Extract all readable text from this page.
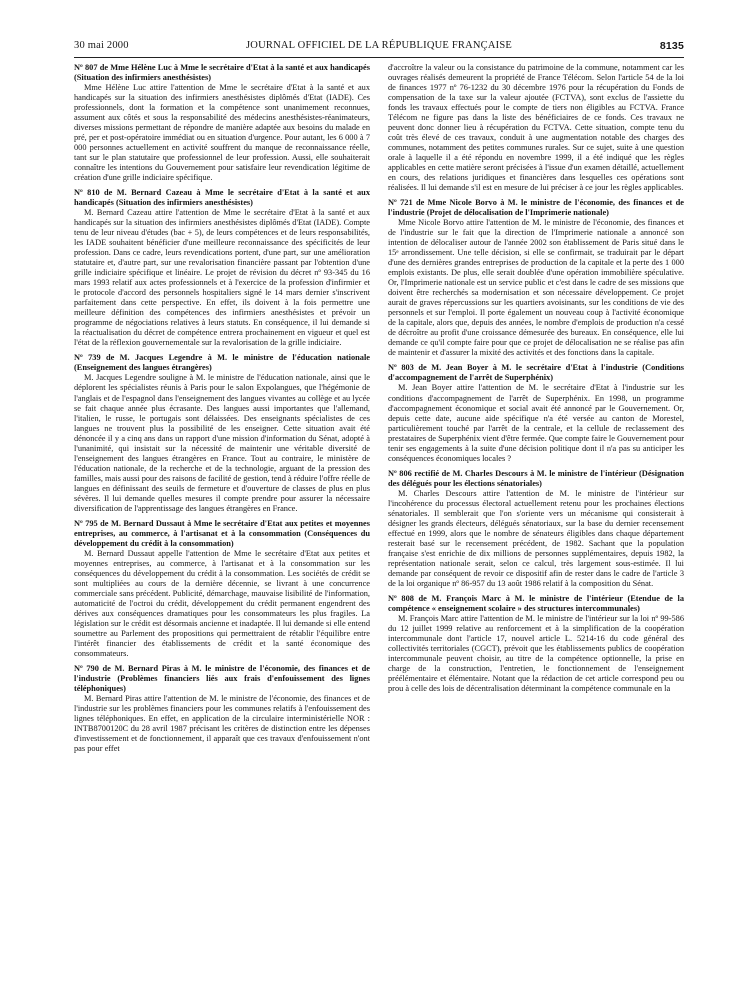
30 mai 2000	JOURNAL OFFICIEL DE LA RÉPUBLIQUE FRANÇAISE	8135

Nº 807 de Mme Hélène Luc à Mme le secrétaire d'Etat à la santé et aux handicapés (Situation des infirmiers anesthésistes)

Mme Hélène Luc attire l'attention de Mme le secrétaire d'Etat à la santé et aux handicapés sur la situation des infirmiers anesthésistes diplômés d'Etat (IADE). Ces professionnels, dont la formation et la compétence sont unanimement reconnues, assument aux côtés et sous la responsabilité des médecins anesthésistes-réanimateurs, diverses missions permettant de répondre de manière adaptée aux besoins du malade en pré, per et post-opératoire immédiat ou en situation d'urgence. Pour autant, les 6 000 à 7 000 personnes actuellement en activité souffrent du manque de reconnaissance réelle, tant sur le plan statutaire que professionnel de leur profession. Aussi, elle souhaiterait connaître les intentions du Gouvernement pour satisfaire leur revendication légitime de création d'une grille indiciaire spécifique.

Nº 810 de M. Bernard Cazeau à Mme le secrétaire d'Etat à la santé et aux handicapés (Situation des infirmiers anesthésistes)

M. Bernard Cazeau attire l'attention de Mme le secrétaire d'Etat à la santé et aux handicapés sur la situation des infirmiers anesthésistes diplômés d'Etat (IADE). Compte tenu de leur niveau d'études (bac + 5), de leurs compétences et de leurs responsabilités, les IADE souhaitent bénéficier d'une meilleure reconnaissance des spécificités de leur profession. Dans ce cadre, leurs revendications portent, d'une part, sur une amélioration statutaire et, d'autre part, sur une revalorisation financière passant par l'obtention d'une grille indiciaire spécifique et linéaire. Le projet de révision du décret nº 93-345 du 16 mars 1993 relatif aux actes professionnels et à l'exercice de la profession d'infirmier et le protocole d'accord des personnels hospitaliers signé le 14 mars dernier s'inscrivent parfaitement dans cette perspective. En effet, ils doivent à la fois permettre une meilleure définition des compétences des infirmiers anesthésistes et prévoir un programme de négociations relatives à leurs statuts. En conséquence, il lui demande si la réactualisation du décret de compétence entrera prochainement en vigueur et quel est l'état de la réflexion gouvernementale sur la revalorisation de la grille indiciaire.

Nº 739 de M. Jacques Legendre à M. le ministre de l'éducation nationale (Enseignement des langues étrangères)

M. Jacques Legendre souligne à M. le ministre de l'éducation nationale, ainsi que le déplorent les spécialistes réunis à Paris pour le salon Expolangues, que l'hégémonie de l'anglais et de l'espagnol dans l'enseignement des langues vivantes au collège et au lycée se fait chaque année plus écrasante. Des langues aussi importantes que l'allemand, l'italien, le russe, le portugais sont délaissées. Des enseignants spécialistes de ces langues ne trouvent plus la possibilité de les enseigner. Cette situation avait été dénoncée il y a cinq ans dans un rapport d'une mission d'information du Sénat, adopté à l'unanimité, qui insistait sur la nécessité de maintenir une véritable diversité de l'enseignement des langues étrangères en France. Tout au contraire, le ministère de l'éducation nationale, de la recherche et de la technologie, arguant de la pression des familles, mais aussi pour des raisons de facilité de gestion, tend à réduire l'offre réelle de langues en définissant des seuils de fermeture et d'ouverture de classes de plus en plus sévères. Il lui demande quelles mesures il compte prendre pour assurer la nécessaire diversification de l'apprentissage des langues étrangères en France.

Nº 795 de M. Bernard Dussaut à Mme le secrétaire d'Etat aux petites et moyennes entreprises, au commerce, à l'artisanat et à la consommation (Conséquences du développement du crédit à la consommation)

M. Bernard Dussaut appelle l'attention de Mme le secrétaire d'Etat aux petites et moyennes entreprises, au commerce, à l'artisanat et à la consommation sur les conséquences du développement du crédit à la consommation. Les sociétés de crédit se sont multipliées au cours de la dernière décennie, se livrant à une concurrence commerciale sans précédent. Publicité, démarchage, mauvaise lisibilité de l'information, automaticité de l'octroi du crédit, développement du crédit permanent engendrent des dérives aux conséquences dramatiques pour les consommateurs les plus fragiles. La législation sur le crédit est désormais ancienne et inadaptée. Il lui demande si elle entend soumettre au Parlement des propositions qui permettraient de rétablir l'équilibre entre l'intérêt financier des établissements de crédit et la santé économique des consommateurs.

Nº 790 de M. Bernard Piras à M. le ministre de l'économie, des finances et de l'industrie (Problèmes financiers liés aux frais d'enfouissement des lignes téléphoniques)

M. Bernard Piras attire l'attention de M. le ministre de l'économie, des finances et de l'industrie sur les problèmes financiers pour les communes relatifs à l'enfouissement des lignes téléphoniques. En effet, en application de la circulaire interministérielle NOR : INTB8700120C du 28 avril 1987 précisant les critères de distinction entre les dépenses d'investissement et de fonctionnement, il apparaît que ces travaux d'enfouissement n'ont pas pour effet

d'accroître la valeur ou la consistance du patrimoine de la commune, notamment car les ouvrages réalisés demeurent la propriété de France Télécom. Selon l'article 54 de la loi de finances 1977 nº 76-1232 du 30 décembre 1976 pour la récupération du Fonds de compensation de la taxe sur la valeur ajoutée (FCTVA), sont exclus de l'assiette du fonds les travaux effectués pour le compte de tiers non éligibles au FCTVA. France Télécom ne figure pas dans la liste des bénéficiaires de ce fonds. Ces travaux ne peuvent donc donner lieu à récupération du FCTVA. Cette situation, compte tenu du coût très élevé de ces travaux, conduit à une augmentation notable des charges des communes, notamment des petites communes rurales. Sur ce sujet, suite à une question orale à laquelle il a été répondu en novembre 1999, il a été indiqué que les règles applicables en cette matière seront précisées à l'issue d'un examen détaillé, actuellement en cours, des relations juridiques et financières dans lesquelles ces opérations sont réalisées. Il lui demande s'il est en mesure de lui préciser à ce jour les règles applicables.

Nº 721 de Mme Nicole Borvo à M. le ministre de l'économie, des finances et de l'industrie (Projet de délocalisation de l'Imprimerie nationale)

Mme Nicole Borvo attire l'attention de M. le ministre de l'économie, des finances et de l'industrie sur le fait que la direction de l'Imprimerie nationale a annoncé son intention de délocaliser autour de l'année 2002 son établissement de Paris situé dans le 15ᵉ arrondissement. Une telle décision, si elle se confirmait, se traduirait par le départ d'une des dernières grandes entreprises de production de la capitale et la perte des 1 000 emplois existants. De plus, elle serait doublée d'une opération immobilière spéculative. Or, l'Imprimerie nationale est un service public et c'est dans le cadre de ses missions que doivent être recherchés sa modernisation et son nécessaire développement. Ce projet aurait de graves répercussions sur les quartiers avoisinants, sur les conditions de vie des personnels et sur l'emploi. Il porte également un nouveau coup à l'activité économique de la capitale, alors que, depuis des années, le nombre d'emplois de production n'a cessé de décroître au profit d'une croissance démesurée des bureaux. En conséquence, elle lui demande ce qu'il compte faire pour que ce projet de délocalisation ne se réalise pas afin de maintenir et d'assurer la mixité des activités et des fonctions dans la capitale.

Nº 803 de M. Jean Boyer à M. le secrétaire d'Etat à l'industrie (Conditions d'accompagnement de l'arrêt de Superphénix)

M. Jean Boyer attire l'attention de M. le secrétaire d'Etat à l'industrie sur les conditions d'accompagnement de l'arrêt de Superphénix. En 1998, un programme d'accompagnement économique et social avait été annoncé par le Gouvernement. Or, depuis cette date, aucune aide spécifique n'a été versée au canton de Morestel, particulièrement touché par l'arrêt de la centrale, et la cellule de reclassement des prestataires de Superphénix vient d'être fermée. Que compte faire le Gouvernement pour tenir ses engagements à la suite d'une décision politique dont il n'a pas su anticiper les conséquences économiques locales ?

Nº 806 rectifié de M. Charles Descours à M. le ministre de l'intérieur (Désignation des délégués pour les élections sénatoriales)

M. Charles Descours attire l'attention de M. le ministre de l'intérieur sur l'incohérence du processus électoral actuellement retenu pour les prochaines élections sénatoriales. Il semblerait que l'on s'oriente vers un mécanisme qui consisterait à désigner les grands électeurs, délégués sénatoriaux, sur la base du dernier recensement effectué en 1999, alors que le nombre de sénateurs éligibles dans chaque département resterait basé sur le recensement précédent, de 1982. Sachant que la population française s'est enrichie de dix millions de personnes supplémentaires, depuis 1982, la représentation nationale serait, selon ce calcul, très largement sous-estimée. Il lui demande par conséquent de revoir ce dispositif afin de rester dans le cadre de l'article 3 de la loi organique nº 86-957 du 13 août 1986 relatif à la composition du Sénat.

Nº 808 de M. François Marc à M. le ministre de l'intérieur (Etendue de la compétence « enseignement scolaire » des structures intercommunales)

M. François Marc attire l'attention de M. le ministre de l'intérieur sur la loi nº 99-586 du 12 juillet 1999 relative au renforcement et à la simplification de la coopération intercommunale dont l'article 17, nouvel article L. 5214-16 du code général des collectivités territoriales (CGCT), prévoit que les établissements publics de coopération intercommunale peuvent choisir, au titre de la compétence optionnelle, la prise en charge de la construction, l'entretien, le fonctionnement de l'enseignement préélémentaire et élémentaire. Notant que la rédaction de cet article correspond peu ou prou à celle des lois de décentralisation déterminant la compétence communale en la
